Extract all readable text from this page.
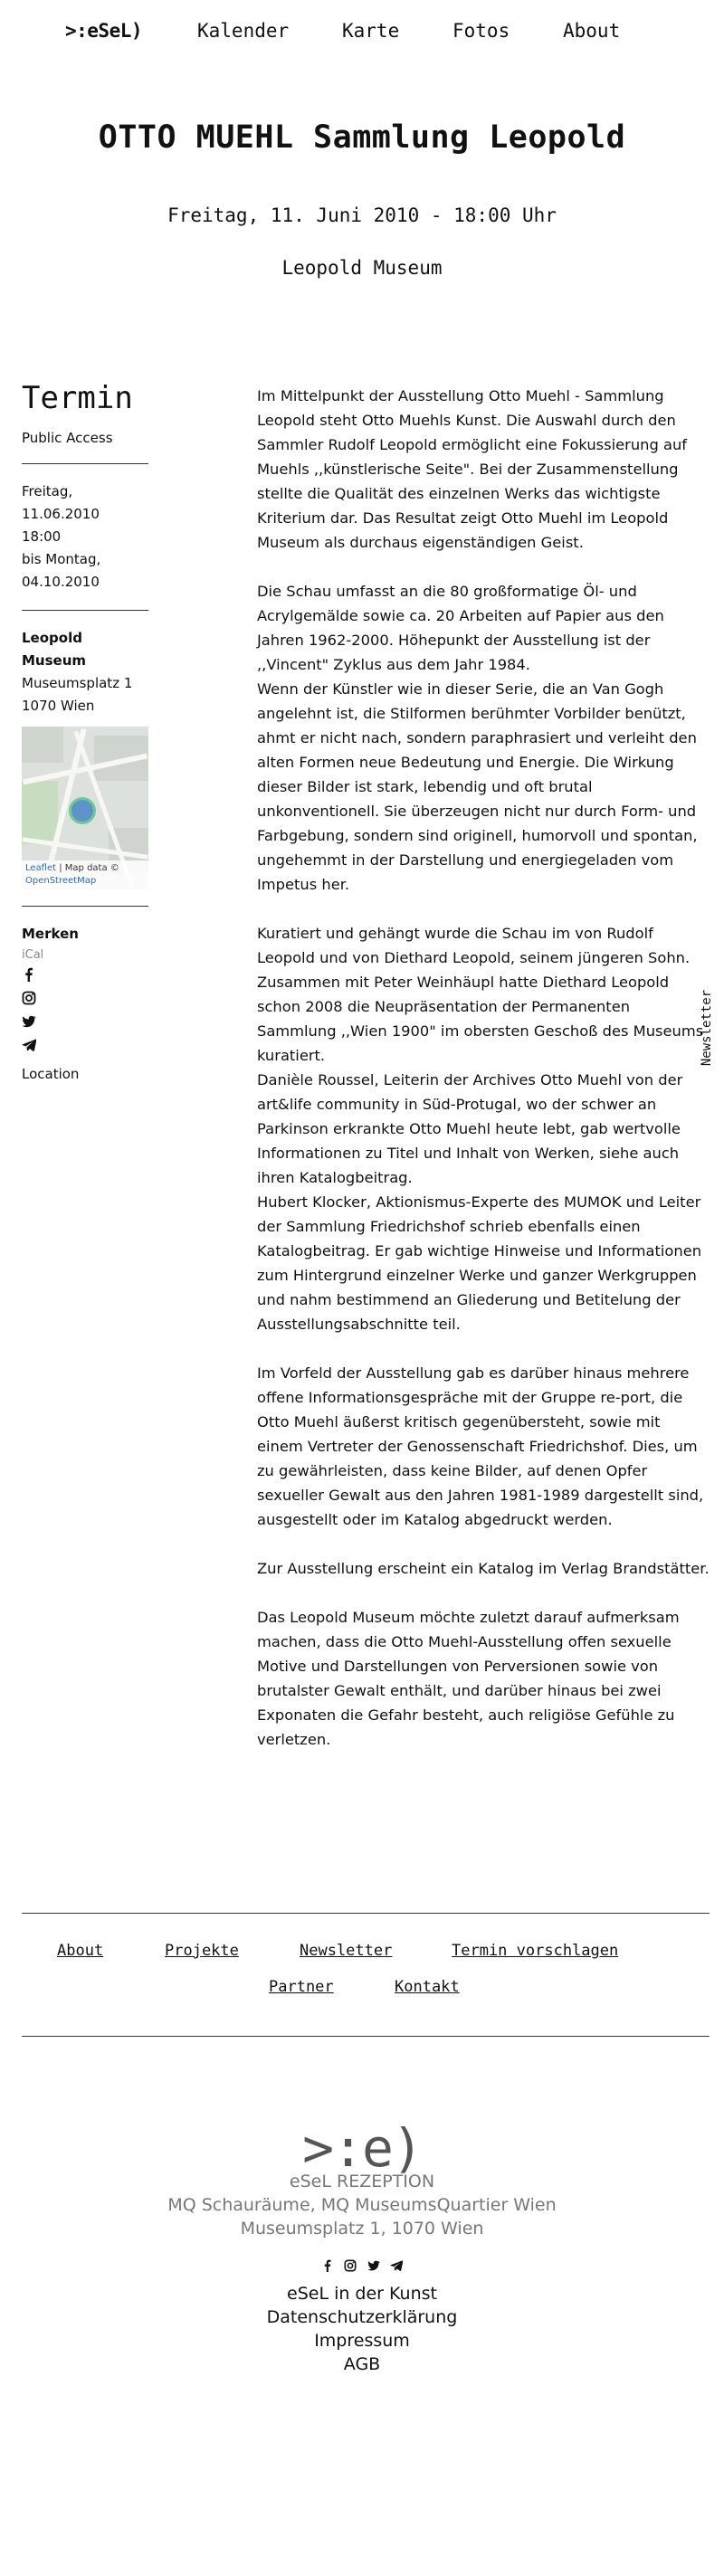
>:eSeL)	Kalender	Karte	Fotos	About
OTTO MUEHL Sammlung Leopold
Freitag, 11. Juni 2010 - 18:00 Uhr
Leopold Museum
Termin
Public Access
Freitag, 11.06.2010
18:00
bis Montag,
04.10.2010
Leopold Museum
Museumsplatz 1
1070 Wien
Leaflet | Map data ©
OpenStreetMap
Merken
iCal
Location

Im Mittelpunkt der Ausstellung Otto Muehl - Sammlung Leopold steht Otto Muehls Kunst. Die Auswahl durch den Sammler Rudolf Leopold ermöglicht eine Fokussierung auf Muehls ,,künstlerische Seite". Bei der Zusammenstellung stellte die Qualität des einzelnen Werks das wichtigste Kriterium dar. Das Resultat zeigt Otto Muehl im Leopold Museum als durchaus eigenständigen Geist.

Die Schau umfasst an die 80 großformatige Öl- und Acrylgemälde sowie ca. 20 Arbeiten auf Papier aus den Jahren 1962-2000. Höhepunkt der Ausstellung ist der ,,Vincent" Zyklus aus dem Jahr 1984.

Wenn der Künstler wie in dieser Serie, die an Van Gogh angelehnt ist, die Stilformen berühmter Vorbilder benützt, ahmt er nicht nach, sondern paraphrasiert und verleiht den alten Formen neue Bedeutung und Energie. Die Wirkung dieser Bilder ist stark, lebendig und oft brutal unkonventionell. Sie überzeugen nicht nur durch Form- und Farbgebung, sondern sind originell, humorvoll und spontan, ungehemmt in der Darstellung und energiegeladen vom Impetus her.

Kuratiert und gehängt wurde die Schau im von Rudolf Leopold und von Diethard Leopold, seinem jüngeren Sohn. Zusammen mit Peter Weinhäupl hatte Diethard Leopold schon 2008 die Neupräsentation der Permanenten Sammlung ,,Wien 1900" im obersten Geschoß des Museums kuratiert.

Danièle Roussel, Leiterin der Archives Otto Muehl von der art&life community in Süd-Protugal, wo der schwer an Parkinson erkrankte Otto Muehl heute lebt, gab wertvolle Informationen zu Titel und Inhalt von Werken, siehe auch ihren Katalogbeitrag.

Hubert Klocker, Aktionismus-Experte des MUMOK und Leiter der Sammlung Friedrichshof schrieb ebenfalls einen Katalogbeitrag. Er gab wichtige Hinweise und Informationen zum Hintergrund einzelner Werke und ganzer Werkgruppen und nahm bestimmend an Gliederung und Betitelung der Ausstellungsabschnitte teil.

Im Vorfeld der Ausstellung gab es darüber hinaus mehrere offene Informationsgespräche mit der Gruppe re-port, die Otto Muehl äußerst kritisch gegenübersteht, sowie mit einem Vertreter der Genossenschaft Friedrichshof. Dies, um zu gewährleisten, dass keine Bilder, auf denen Opfer sexueller Gewalt aus den Jahren 1981-1989 dargestellt sind, ausgestellt oder im Katalog abgedruckt werden.

Zur Ausstellung erscheint ein Katalog im Verlag Brandstätter.

Das Leopold Museum möchte zuletzt darauf aufmerksam machen, dass die Otto Muehl-Ausstellung offen sexuelle Motive und Darstellungen von Perversionen sowie von brutalster Gewalt enthält, und darüber hinaus bei zwei Exponaten die Gefahr besteht, auch religiöse Gefühle zu verletzen.

Newsletter
About	Projekte	Newsletter	Termin vorschlagen
Partner	Kontakt
>:e)
eSeL REZEPTION
MQ Schauräume, MQ MuseumsQuartier Wien
Museumsplatz 1, 1070 Wien

eSeL in der Kunst
Datenschutzerklärung
Impressum
AGB
